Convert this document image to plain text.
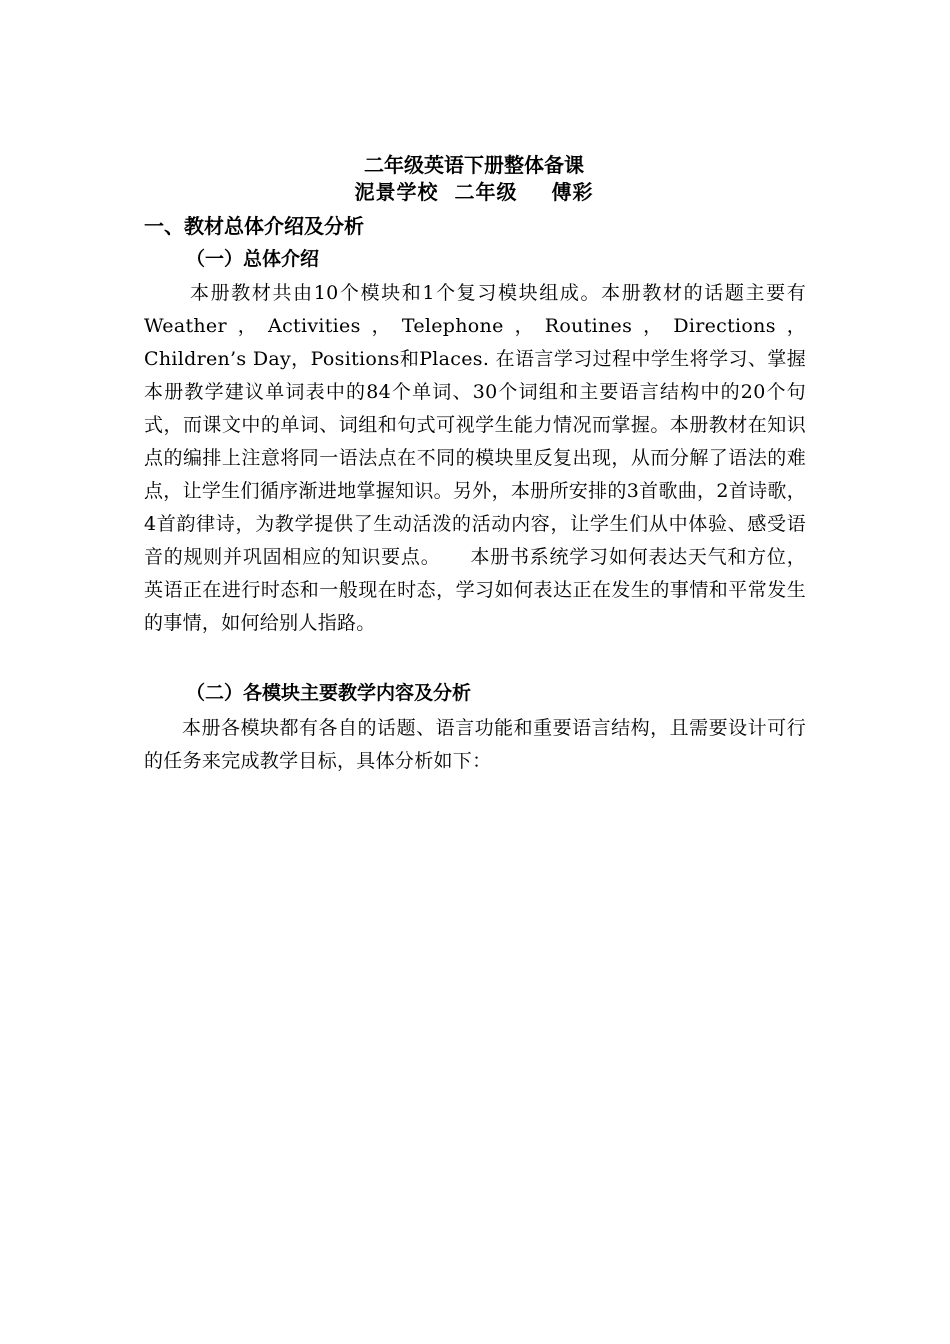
二年级英语下册整体备课
泥景学校 二年级 傅彩
一、教材总体介绍及分析
（一）总体介绍

本册教材共由10个模块和1个复习模块组成。本册教材的话题主要有Weather，Activities，Telephone，Routines，Directions，Children’s Day，Positions和Places. 在语言学习过程中学生将学习、掌握本册教学建议单词表中的84个单词、30个词组和主要语言结构中的20个句式，而课文中的单词、词组和句式可视学生能力情况而掌握。本册教材在知识点的编排上注意将同一语法点在不同的模块里反复出现，从而分解了语法的难点，让学生们循序渐进地掌握知识。另外，本册所安排的3首歌曲，2首诗歌，4首韵律诗，为教学提供了生动活泼的活动内容，让学生们从中体验、感受语音的规则并巩固相应的知识要点。　　本册书系统学习如何表达天气和方位，英语正在进行时态和一般现在时态，学习如何表达正在发生的事情和平常发生的事情，如何给别人指路。

（二）各模块主要教学内容及分析

本册各模块都有各自的话题、语言功能和重要语言结构，且需要设计可行的任务来完成教学目标，具体分析如下：
